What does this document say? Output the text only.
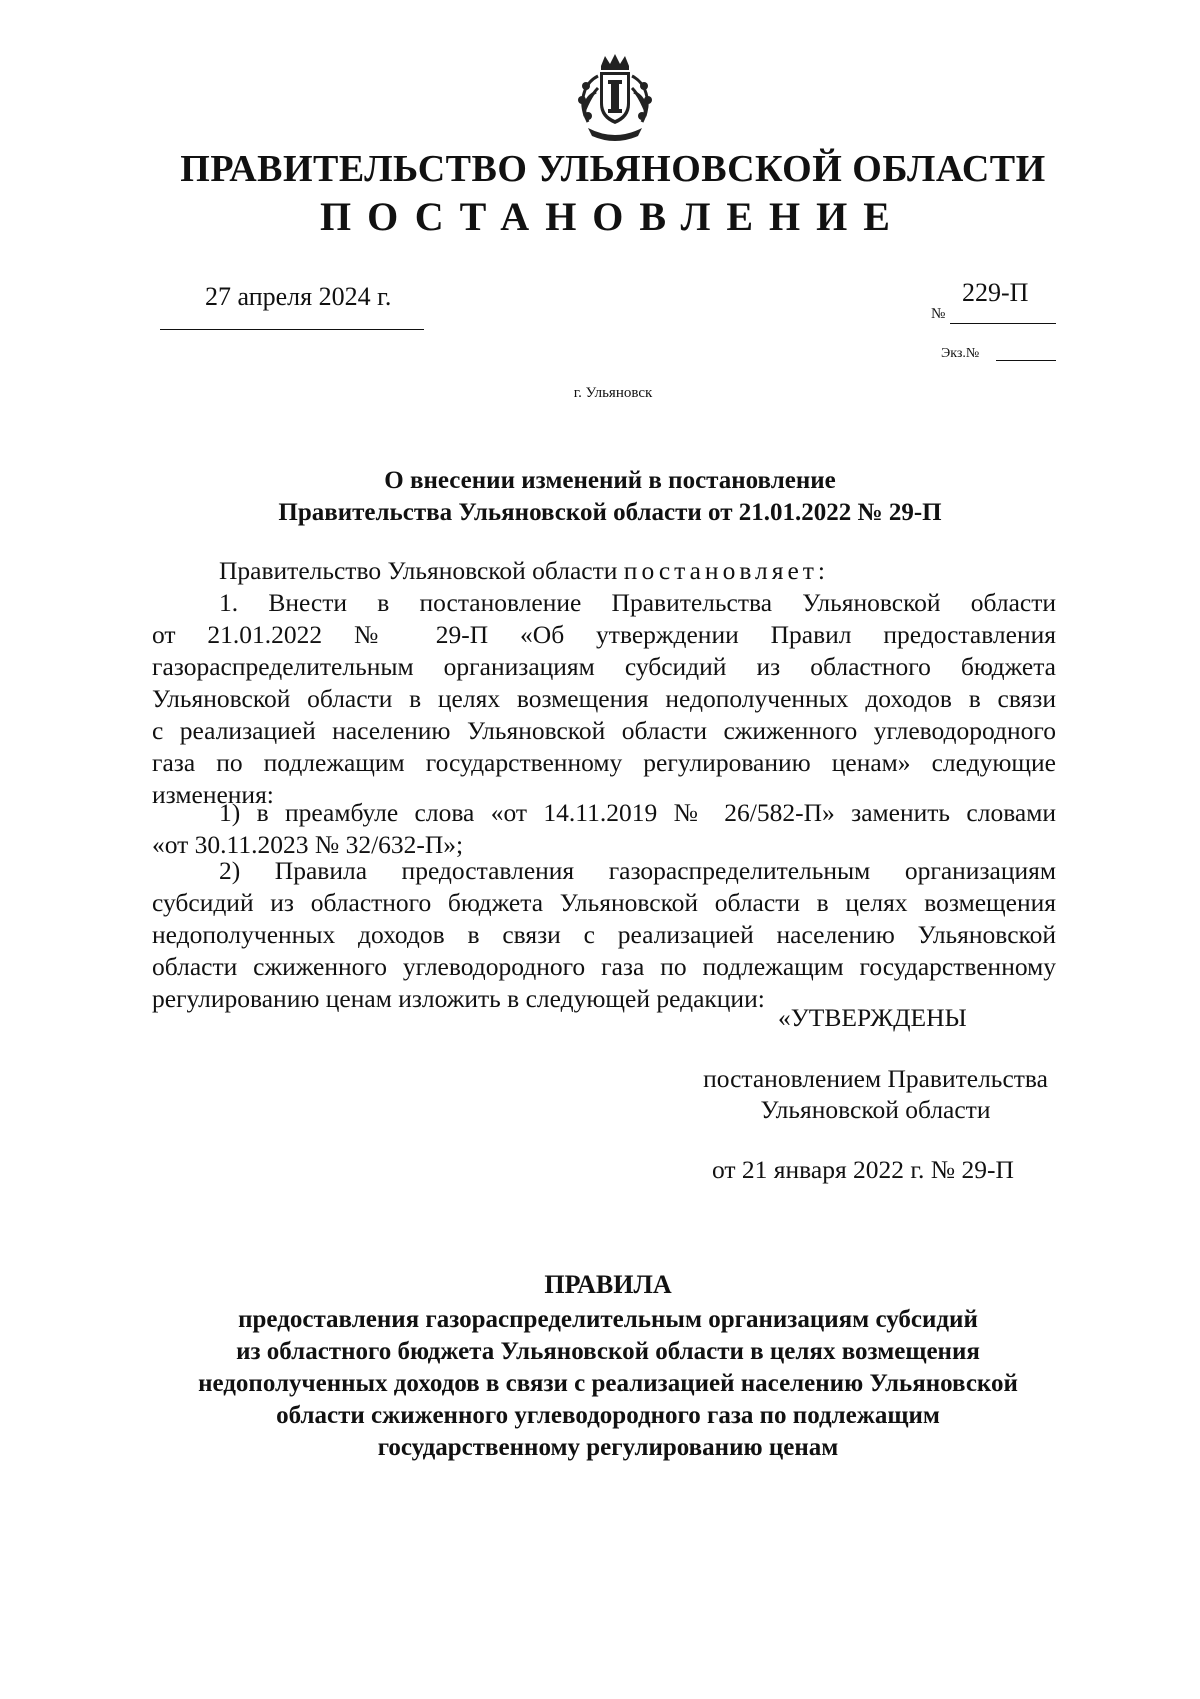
ПРАВИТЕЛЬСТВО УЛЬЯНОВСКОЙ ОБЛАСТИ
ПОСТАНОВЛЕНИЕ
27 апреля 2024 г.	229-П
№
Экз.№
г. Ульяновск
О внесении изменений в постановление
Правительства Ульяновской области от 21.01.2022 № 29-П
Правительство Ульяновской области постановляет:
1. Внести в постановление Правительства Ульяновской области
от 21.01.2022 № 29-П «Об утверждении Правил предоставления
газораспределительным организациям субсидий из областного бюджета
Ульяновской области в целях возмещения недополученных доходов в связи
с реализацией населению Ульяновской области сжиженного углеводородного
газа по подлежащим государственному регулированию ценам» следующие
изменения:
1) в преамбуле слова «от 14.11.2019 № 26/582-П» заменить словами
«от 30.11.2023 № 32/632-П»;
2) Правила предоставления газораспределительным организациям
субсидий из областного бюджета Ульяновской области в целях возмещения
недополученных доходов в связи с реализацией населению Ульяновской
области сжиженного углеводородного газа по подлежащим государственному
регулированию ценам изложить в следующей редакции:
«УТВЕРЖДЕНЫ
постановлением Правительства
Ульяновской области
от 21 января 2022 г. № 29-П
ПРАВИЛА
предоставления газораспределительным организациям субсидий
из областного бюджета Ульяновской области в целях возмещения
недополученных доходов в связи с реализацией населению Ульяновской
области сжиженного углеводородного газа по подлежащим
государственному регулированию ценам
